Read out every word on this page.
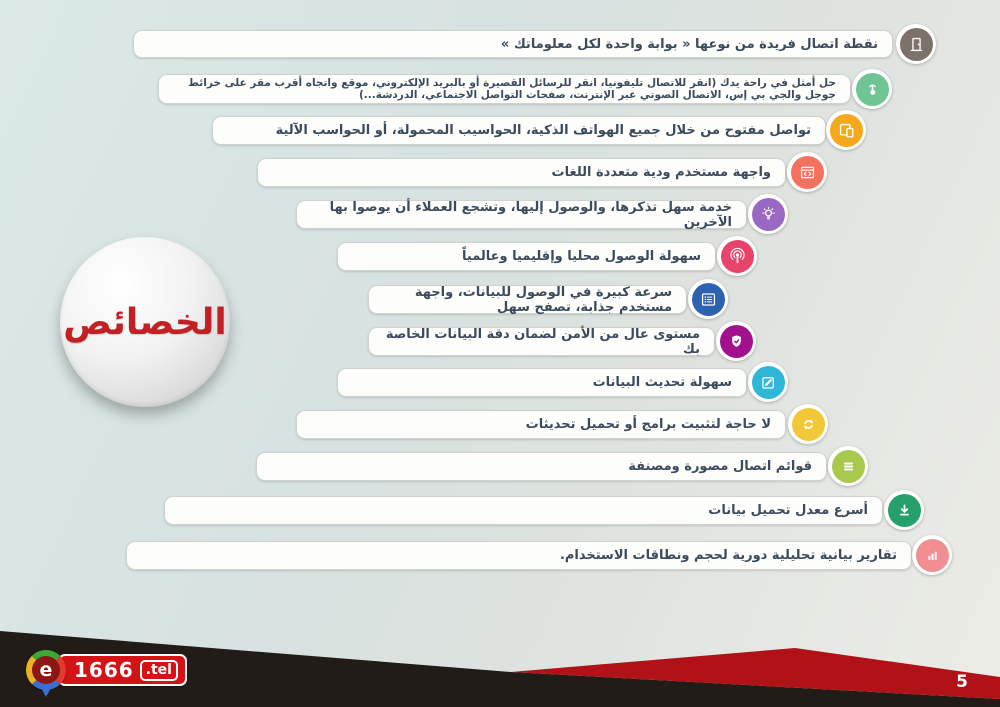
نقطة اتصال فريدة من نوعها « بوابة واحدة لكل معلوماتك »
حل أمثل في راحة يدك (انقر للاتصال تليفونيا، انقر للرسائل القصيرة أو بالبريد الإلكتروني، موقع واتجاه أقرب مقر على خرائط جوجل والجي بي إس، الاتصال الصوتي عبر الإنترنت، صفحات التواصل الاجتماعي، الدردشة...)
تواصل مفتوح من خلال جميع الهواتف الذكية، الحواسيب المحمولة، أو الحواسب الآلية
واجهة مستخدم ودية متعددة اللغات
خدمة سهل تذكرها، والوصول إليها، وتشجع العملاء أن يوصوا بها الآخرين
سهولة الوصول محليا وإقليميا وعالمياً
سرعة كبيرة في الوصول للبيانات، واجهة مستخدم جذابة، تصفح سهل
مستوى عال من الأمن لضمان دقة البيانات الخاصة بك
سهولة تحديث البيانات
لا حاجة لتثبيت برامج أو تحميل تحديثات
قوائم اتصال مصورة ومصنفة
أسرع معدل تحميل بيانات
تقارير بيانية تحليلية دورية لحجم ونطاقات الاستخدام.
الخصائص
5
e	1666 .tel
